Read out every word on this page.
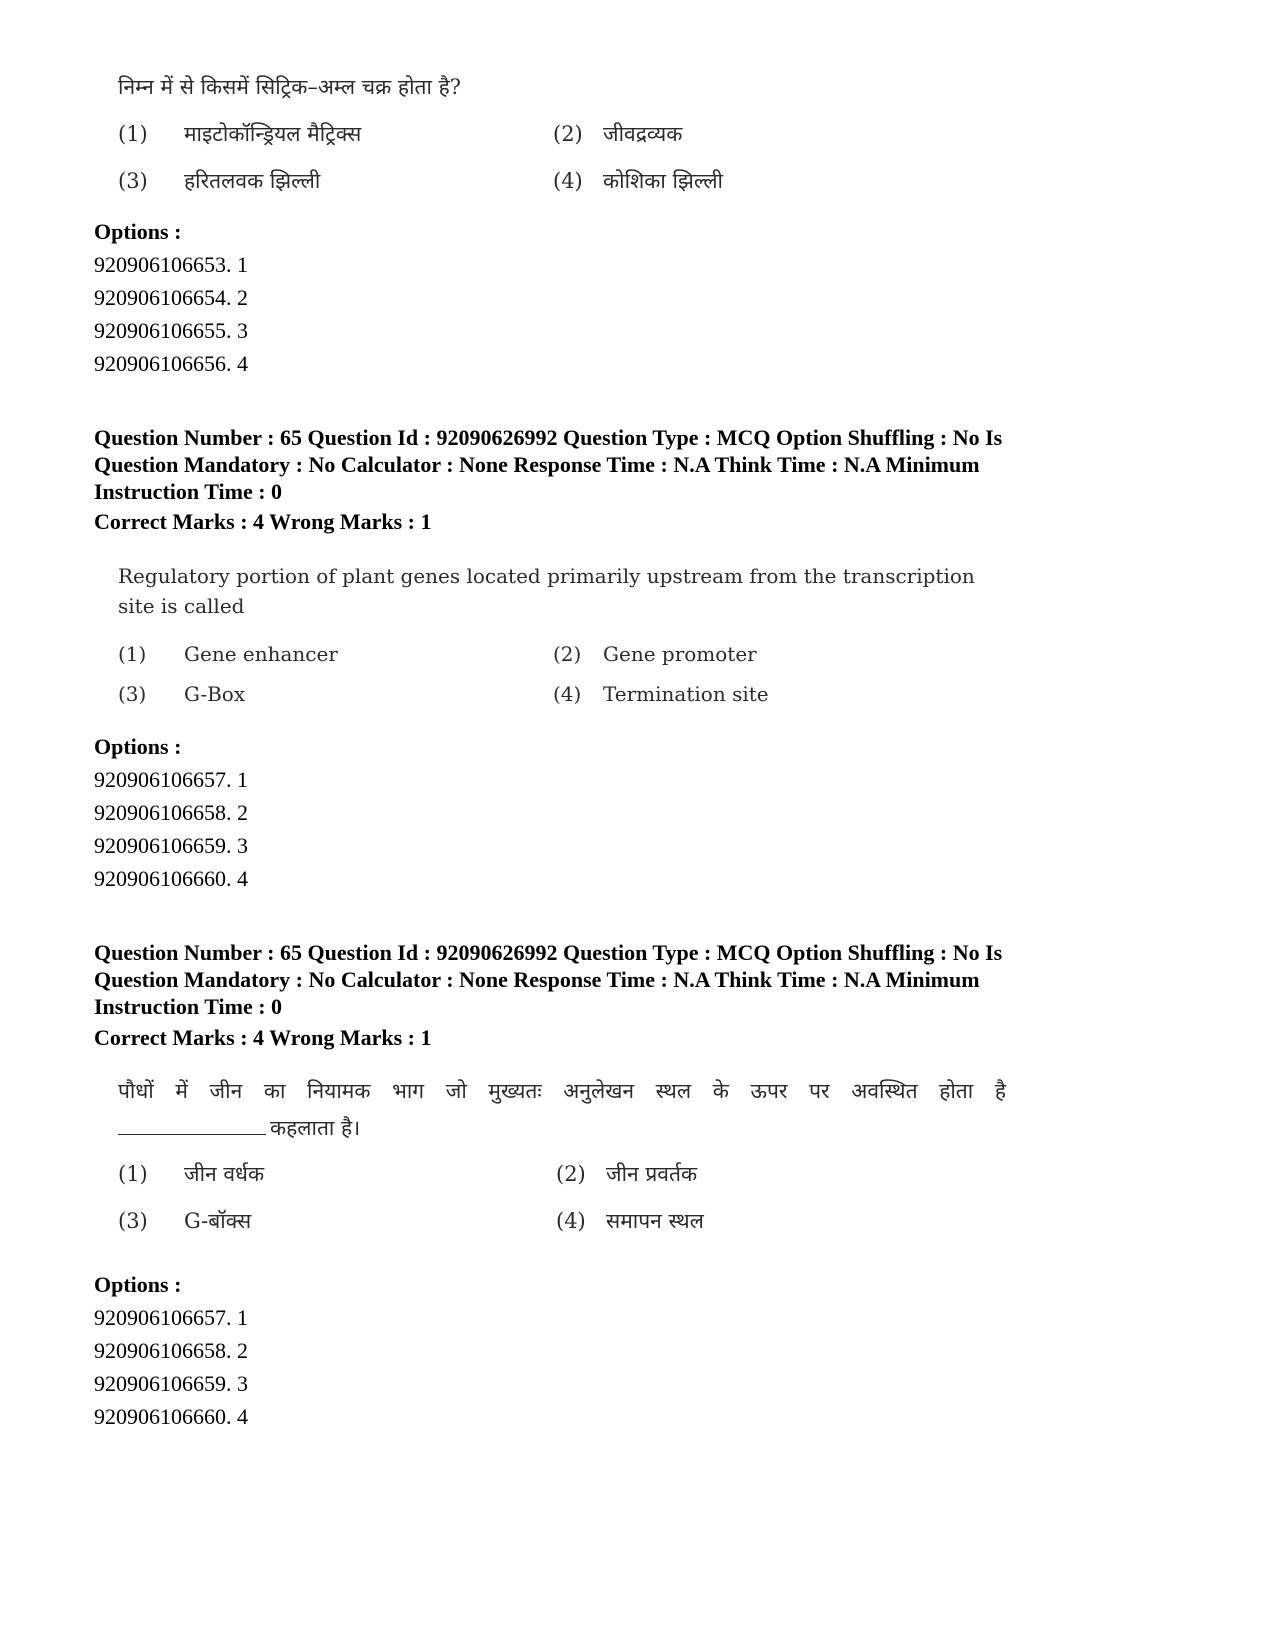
निम्न में से किसमें सिट्रिक–अम्ल चक्र होता है?
(1) माइटोकॉन्ड्रियल मैट्रिक्स	(2) जीवद्रव्यक
(3) हरितलवक झिल्ली	(4) कोशिका झिल्ली
Options :
920906106653. 1
920906106654. 2
920906106655. 3
920906106656. 4
Question Number : 65 Question Id : 92090626992 Question Type : MCQ Option Shuffling : No Is
Question Mandatory : No Calculator : None Response Time : N.A Think Time : N.A Minimum
Instruction Time : 0
Correct Marks : 4 Wrong Marks : 1
Regulatory portion of plant genes located primarily upstream from the transcription
site is called
(1) Gene enhancer	(2) Gene promoter
(3) G-Box	(4) Termination site
Options :
920906106657. 1
920906106658. 2
920906106659. 3
920906106660. 4
Question Number : 65 Question Id : 92090626992 Question Type : MCQ Option Shuffling : No Is
Question Mandatory : No Calculator : None Response Time : N.A Think Time : N.A Minimum
Instruction Time : 0
Correct Marks : 4 Wrong Marks : 1
पौधों में जीन का नियामक भाग जो मुख्यतः अनुलेखन स्थल के ऊपर पर अवस्थित होता है
कहलाता है।
(1) जीन वर्धक	(2) जीन प्रवर्तक
(3) G-बॉक्स	(4) समापन स्थल
Options :
920906106657. 1
920906106658. 2
920906106659. 3
920906106660. 4
